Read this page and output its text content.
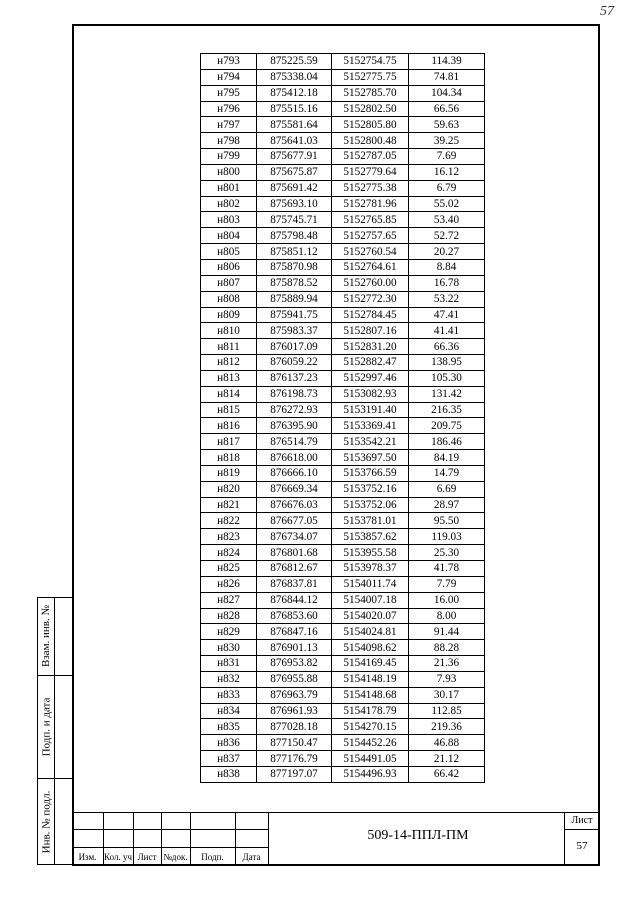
57
Взам. инв. №
Подп. и дата
Инв. № подл.
н793	875225.59	5152754.75	114.39
н794	875338.04	5152775.75	74.81
н795	875412.18	5152785.70	104.34
н796	875515.16	5152802.50	66.56
н797	875581.64	5152805.80	59.63
н798	875641.03	5152800.48	39.25
н799	875677.91	5152787.05	7.69
н800	875675.87	5152779.64	16.12
н801	875691.42	5152775.38	6.79
н802	875693.10	5152781.96	55.02
н803	875745.71	5152765.85	53.40
н804	875798.48	5152757.65	52.72
н805	875851.12	5152760.54	20.27
н806	875870.98	5152764.61	8.84
н807	875878.52	5152760.00	16.78
н808	875889.94	5152772.30	53.22
н809	875941.75	5152784.45	47.41
н810	875983.37	5152807.16	41.41
н811	876017.09	5152831.20	66.36
н812	876059.22	5152882.47	138.95
н813	876137.23	5152997.46	105.30
н814	876198.73	5153082.93	131.42
н815	876272.93	5153191.40	216.35
н816	876395.90	5153369.41	209.75
н817	876514.79	5153542.21	186.46
н818	876618.00	5153697.50	84.19
н819	876666.10	5153766.59	14.79
н820	876669.34	5153752.16	6.69
н821	876676.03	5153752.06	28.97
н822	876677.05	5153781.01	95.50
н823	876734.07	5153857.62	119.03
н824	876801.68	5153955.58	25.30
н825	876812.67	5153978.37	41.78
н826	876837.81	5154011.74	7.79
н827	876844.12	5154007.18	16.00
н828	876853.60	5154020.07	8.00
н829	876847.16	5154024.81	91.44
н830	876901.13	5154098.62	88.28
н831	876953.82	5154169.45	21.36
н832	876955.88	5154148.19	7.93
н833	876963.79	5154148.68	30.17
н834	876961.93	5154178.79	112.85
н835	877028.18	5154270.15	219.36
н836	877150.47	5154452.26	46.88
н837	877176.79	5154491.05	21.12
н838	877197.07	5154496.93	66.42
Изм. Кол. уч Лист №док.	Подп.	Дата
509-14-ППЛ-ПМ
Лист
57
